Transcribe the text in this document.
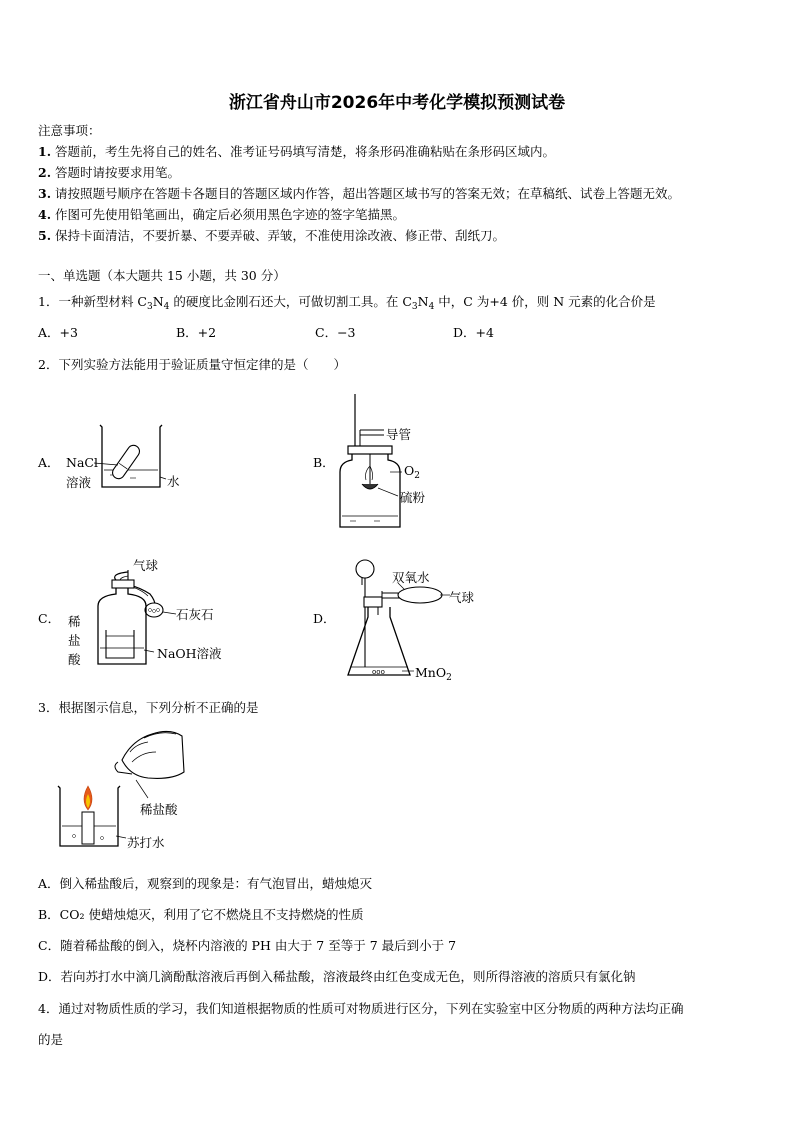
浙江省舟山市2026年中考化学模拟预测试卷
注意事项：
1. 答题前，考生先将自己的姓名、准考证号码填写清楚，将条形码准确粘贴在条形码区域内。
2. 答题时请按要求用笔。
3. 请按照题号顺序在答题卡各题目的答题区域内作答，超出答题区域书写的答案无效；在草稿纸、试卷上答题无效。
4. 作图可先使用铅笔画出，确定后必须用黑色字迹的签字笔描黑。
5. 保持卡面清洁，不要折暴、不要弄破、弄皱，不准使用涂改液、修正带、刮纸刀。
一、单选题（本大题共 15 小题，共 30 分）
1．一种新型材料 $C_3N_4$ 的硬度比金刚石还大，可做切割工具。在 $C_3N_4$ 中，C 为+4 价，则 N 元素的化合价是
A．+3	B．+2	C．−3	D．+4
2．下列实验方法能用于验证质量守恒定律的是（　　）
A． NaCl
溶液	水
B．
导管
$O_2$
硫粉
C．
气球
石灰石
稀
盐
酸	NaOH溶液
D．
ooo
双氧水
气球
MnO$_2$
3．根据图示信息，下列分析不正确的是
稀盐酸
苏打水
A．倒入稀盐酸后，观察到的现象是：有气泡冒出，蜡烛熄灭
B．CO₂ 使蜡烛熄灭，利用了它不燃烧且不支持燃烧的性质
C．随着稀盐酸的倒入，烧杯内溶液的 PH 由大于 7 至等于 7 最后到小于 7
D．若向苏打水中滴几滴酚酞溶液后再倒入稀盐酸，溶液最终由红色变成无色，则所得溶液的溶质只有氯化钠
4．通过对物质性质的学习，我们知道根据物质的性质可对物质进行区分，下列在实验室中区分物质的两种方法均正确
的是
